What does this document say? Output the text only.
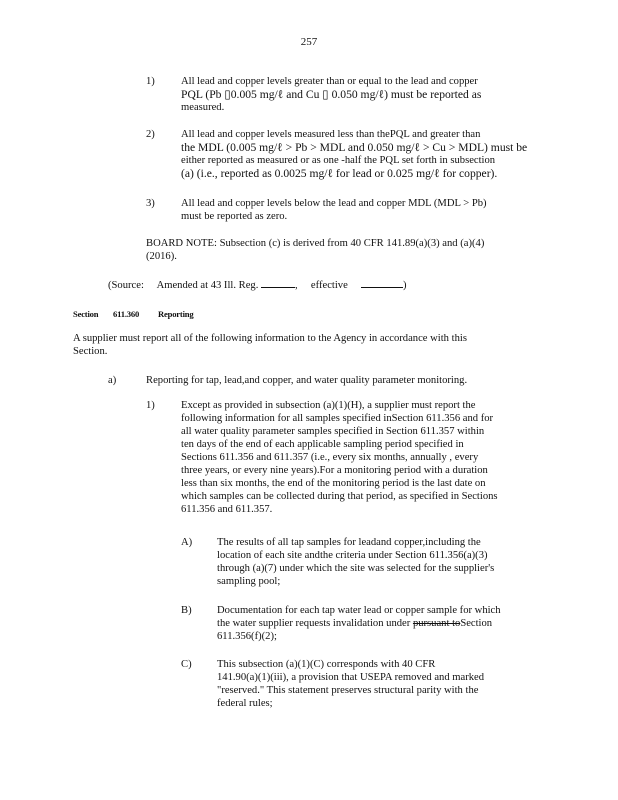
257
1) All lead and copper levels greater than or equal to the lead and copper
PQL (Pb ▯0.005 mg/ℓ and Cu ▯ 0.050 mg/ℓ) must be reported as
measured.
2) All lead and copper levels measured less than thePQL and greater than
the MDL (0.005 mg/ℓ > Pb > MDL and 0.050 mg/ℓ > Cu > MDL) must be
either reported as measured or as one -half the PQL set forth in subsection
(a) (i.e., reported as 0.0025 mg/ℓ for lead or 0.025 mg/ℓ for copper).
3) All lead and copper levels below the lead and copper MDL (MDL > Pb)
must be reported as zero.
BOARD NOTE: Subsection (c) is derived from 40 CFR 141.89(a)(3) and (a)(4)
(2016).
(Source: Amended at 43 Ill. Reg.	, effective	)
Section 611.360 Reporting
A supplier must report all of the following information to the Agency in accordance with this
Section.
a)	Reporting for tap, lead,and copper, and water quality parameter monitoring.
1) Except as provided in subsection (a)(1)(H), a supplier must report the
following information for all samples specified inSection 611.356 and for
all water quality parameter samples specified in Section 611.357 within
ten days of the end of each applicable sampling period specified in
Sections 611.356 and 611.357 (i.e., every six months, annually , every
three years, or every nine years).For a monitoring period with a duration
less than six months, the end of the monitoring period is the last date on
which samples can be collected during that period, as specified in Sections
611.356 and 611.357.
A) The results of all tap samples for leadand copper,including the
location of each site andthe criteria under Section 611.356(a)(3)
through (a)(7) under which the site was selected for the supplier's
sampling pool;
B) Documentation for each tap water lead or copper sample for which
the water supplier requests invalidation under pursuant toSection
611.356(f)(2);
C) This subsection (a)(1)(C) corresponds with 40 CFR
141.90(a)(1)(iii), a provision that USEPA removed and marked
"reserved." This statement preserves structural parity with the
federal rules;
